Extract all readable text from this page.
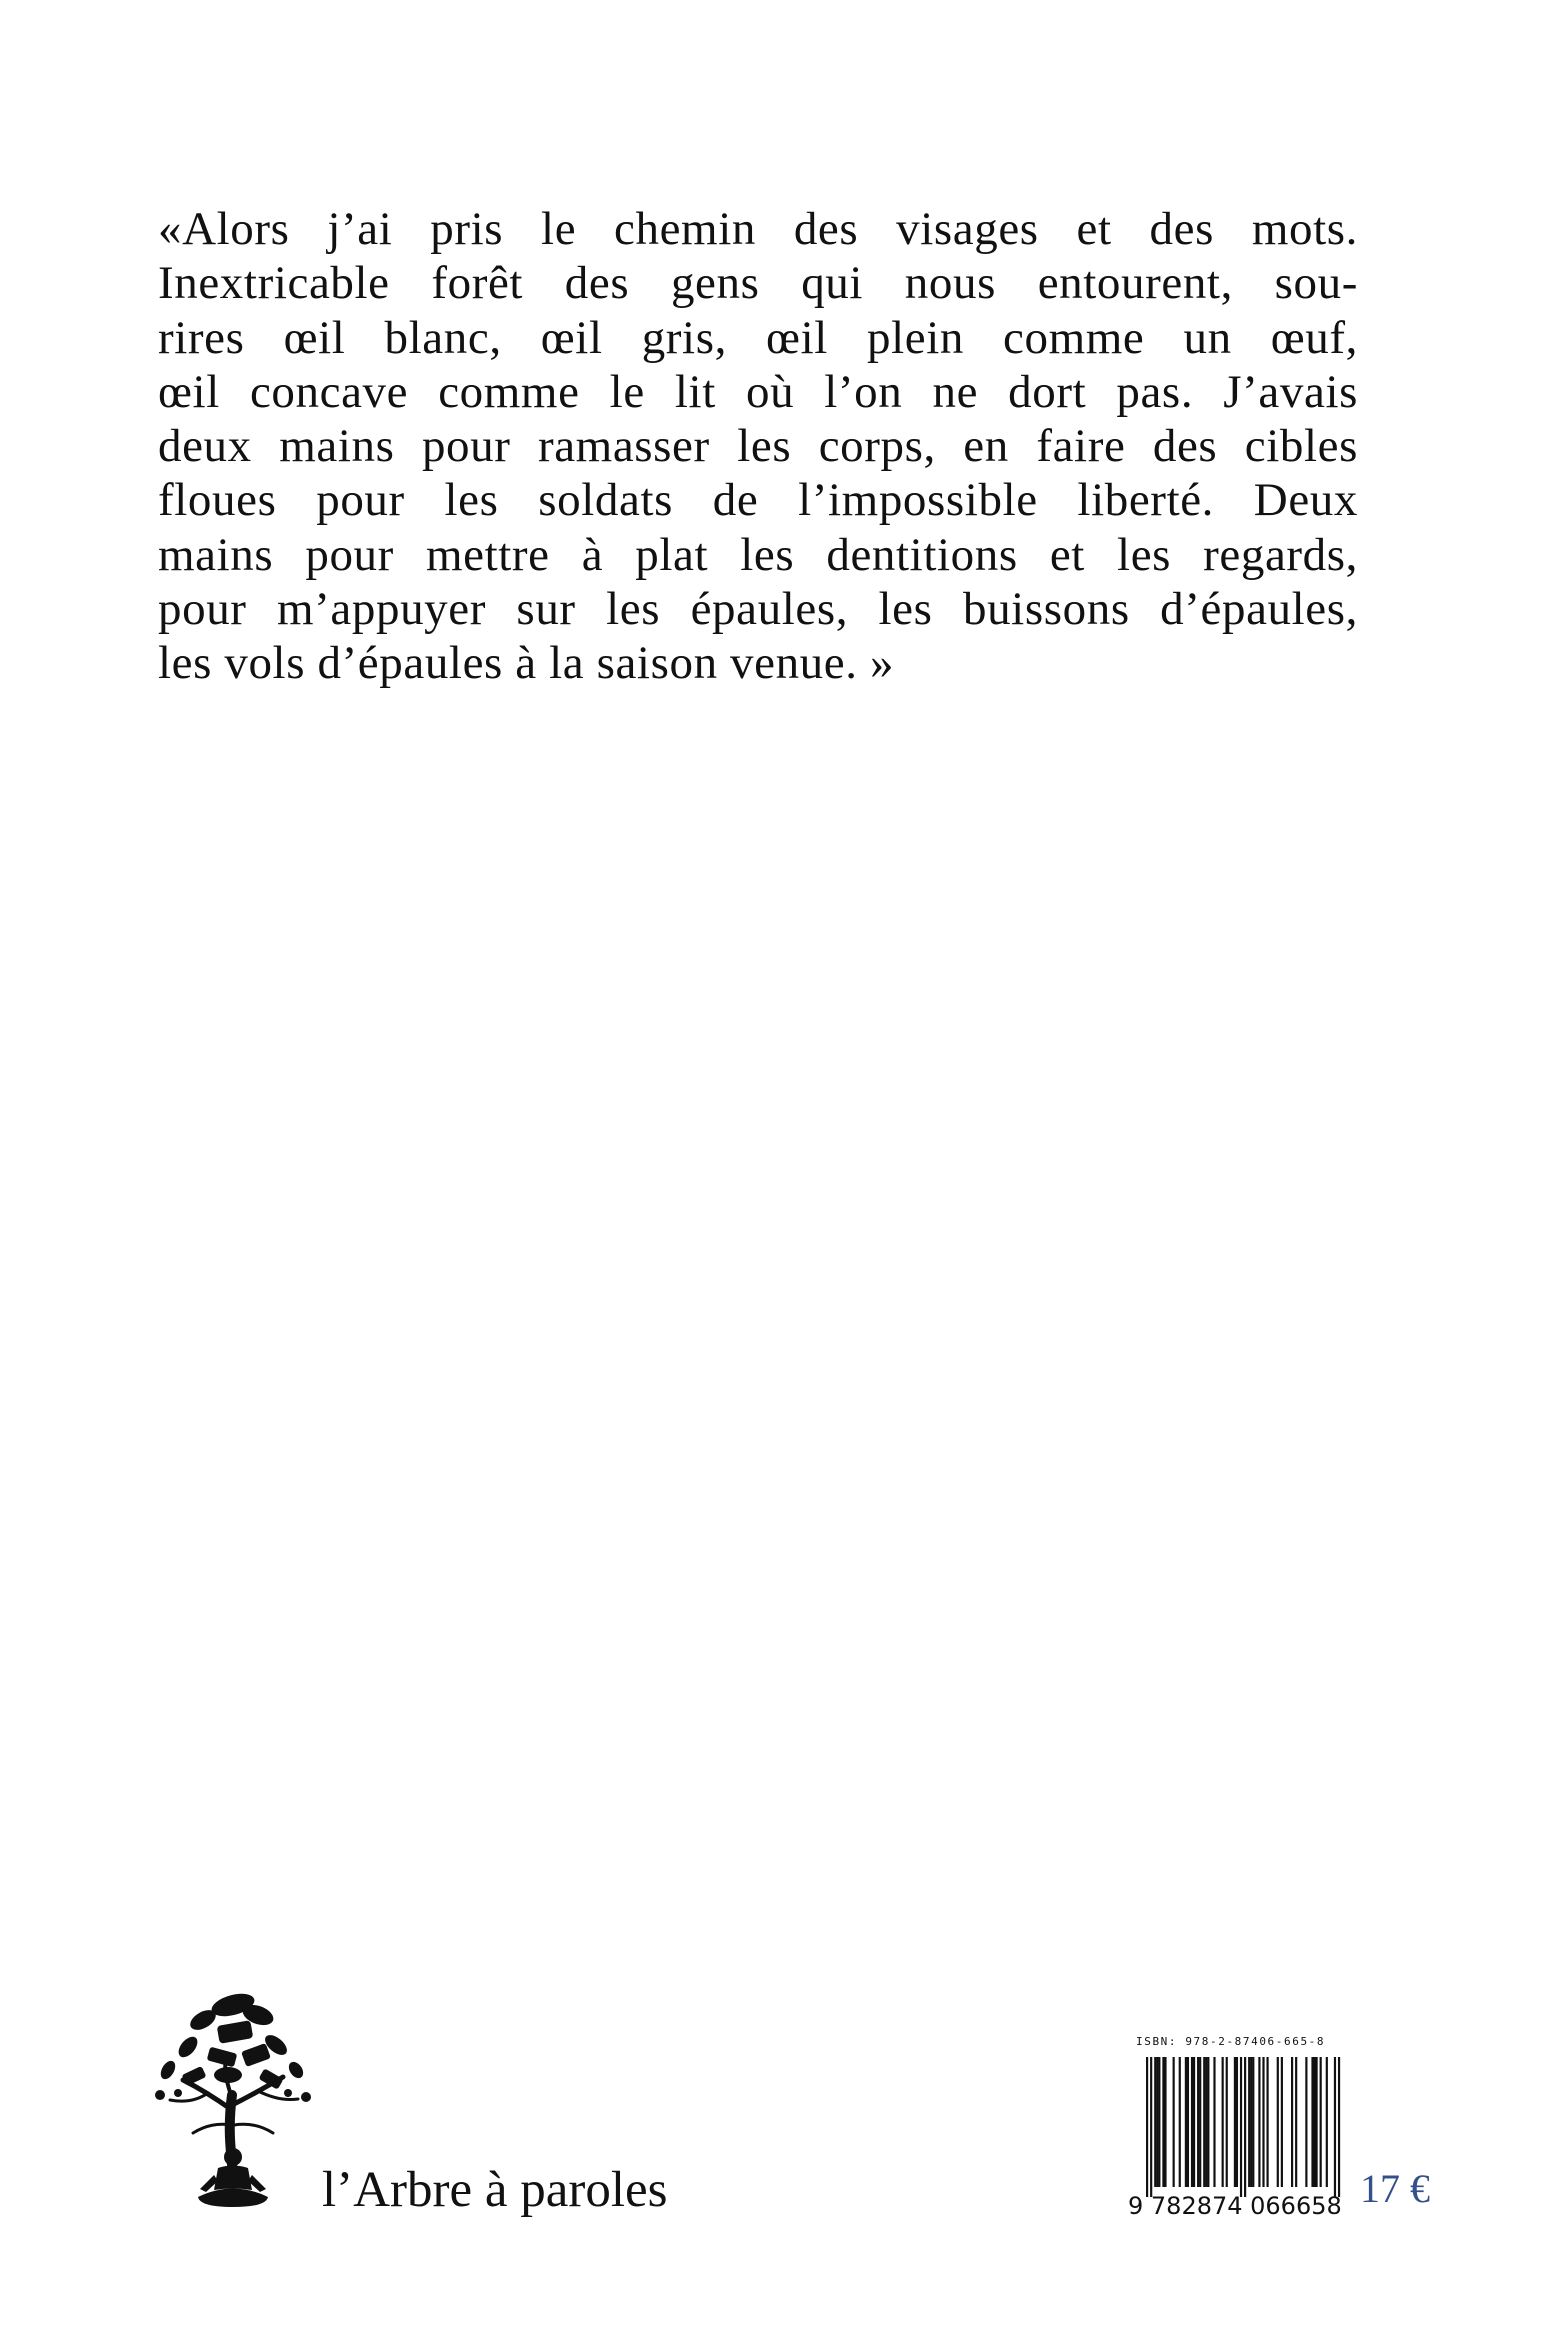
«Alors j’ai pris le chemin des visages et des mots.
Inextricable forêt des gens qui nous entourent, sou-
rires œil blanc, œil gris, œil plein comme un œuf,
œil concave comme le lit où l’on ne dort pas. J’avais
deux mains pour ramasser les corps, en faire des cibles
floues pour les soldats de l’impossible liberté. Deux
mains pour mettre à plat les dentitions et les regards,
pour m’appuyer sur les épaules, les buissons d’épaules,
les vols d’épaules à la saison venue. »
l’Arbre à paroles
ISBN: 978-2-87406-665-8
9 782874 066658 17 €
